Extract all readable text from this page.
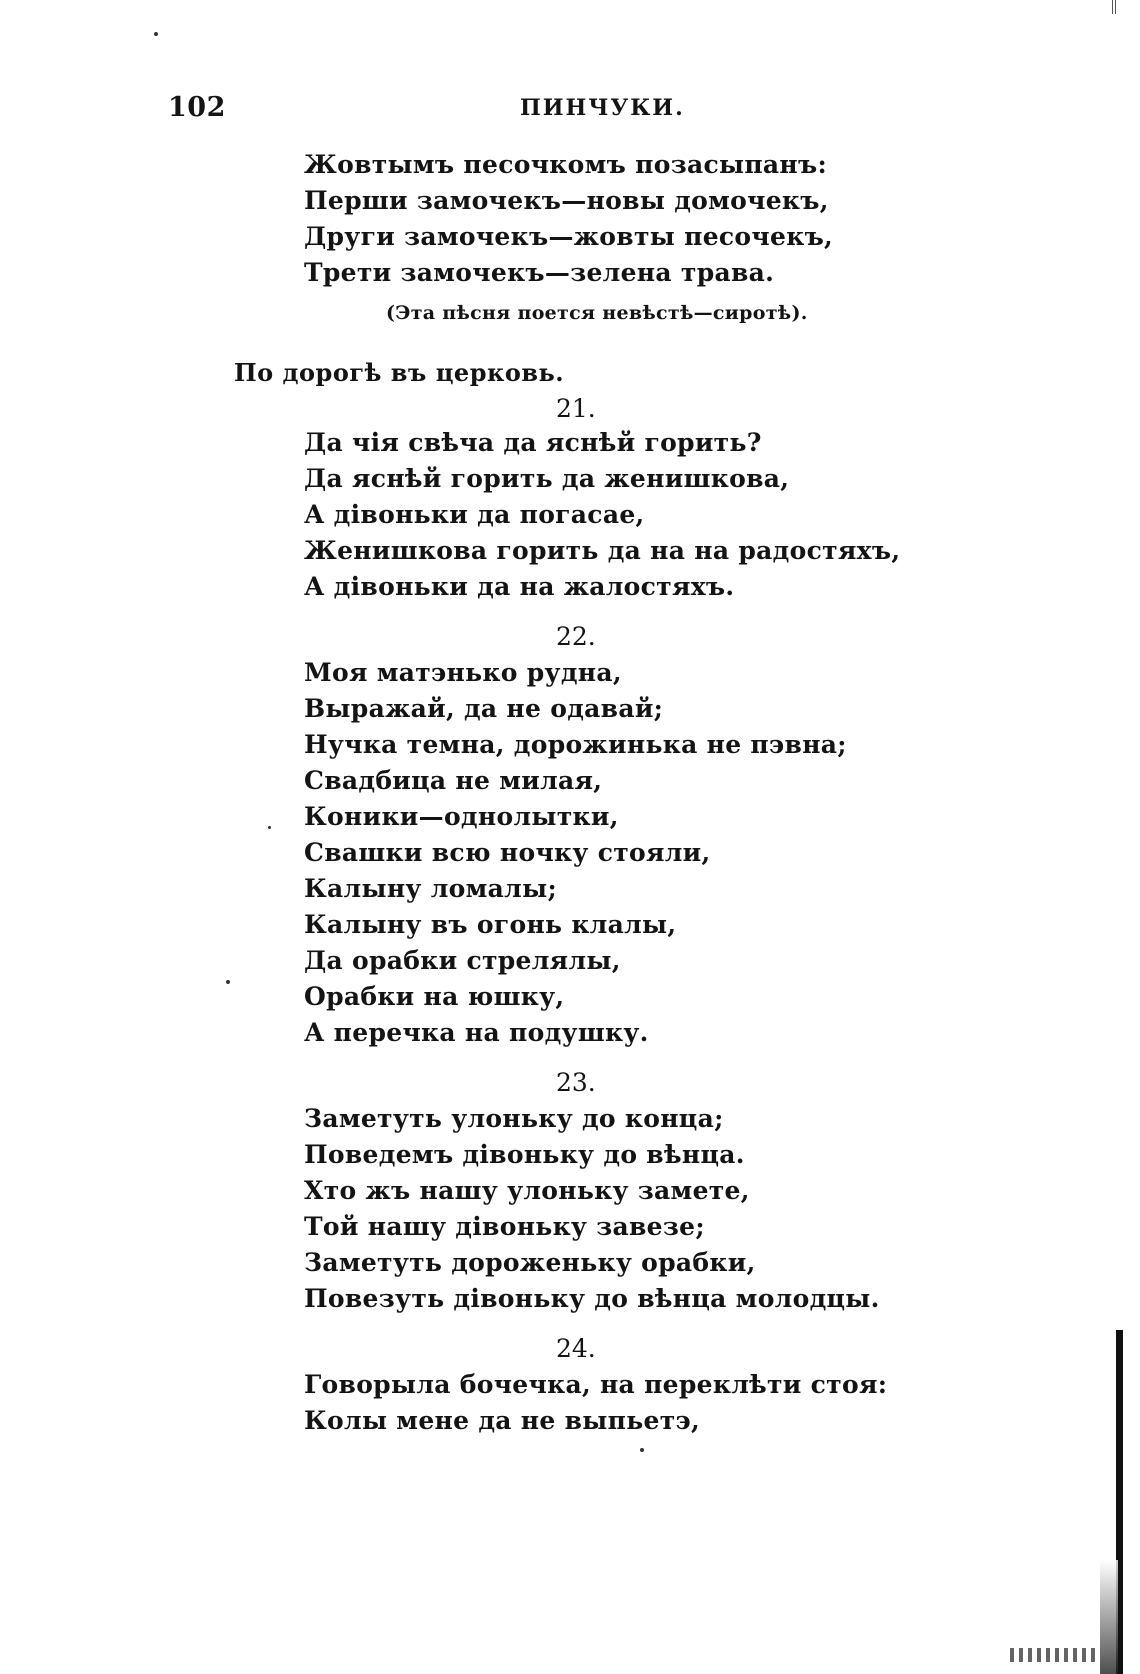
102	ПИНЧУКИ.
Жовтымъ песочкомъ позасыпанъ:
Перши замочекъ—новы домочекъ,
Други замочекъ—жовты песочекъ,
Трети замочекъ—зелена трава.
(Эта пѣсня поется невѣстѣ—сиротѣ).
По дорогѣ въ церковь.
21.
Да чія свѣча да яснѣй горить?
Да яснѣй горить да женишкова,
А дівоньки да погасае,
Женишкова горить да на на радостяхъ,
А дівоньки да на жалостяхъ.
22.
Моя матэнько рудна,
Выражай, да не одавай;
Нучка темна, дорожинька не пэвна;
Свадбица не милая,
Коники—однолытки,
Свашки всю ночку стояли,
Калыну ломалы;
Калыну въ огонь клалы,
Да орабки стрелялы,
Орабки на юшку,
А перечка на подушку.
23.
Заметуть улоньку до конца;
Поведемъ дівоньку до вѣнца.
Хто жъ нашу улоньку замете,
Той нашу дівоньку завезе;
Заметуть дороженьку орабки,
Повезуть дівоньку до вѣнца молодцы.
24.
Говорыла бочечка, на переклѣти стоя:
Колы мене да не выпьетэ,
